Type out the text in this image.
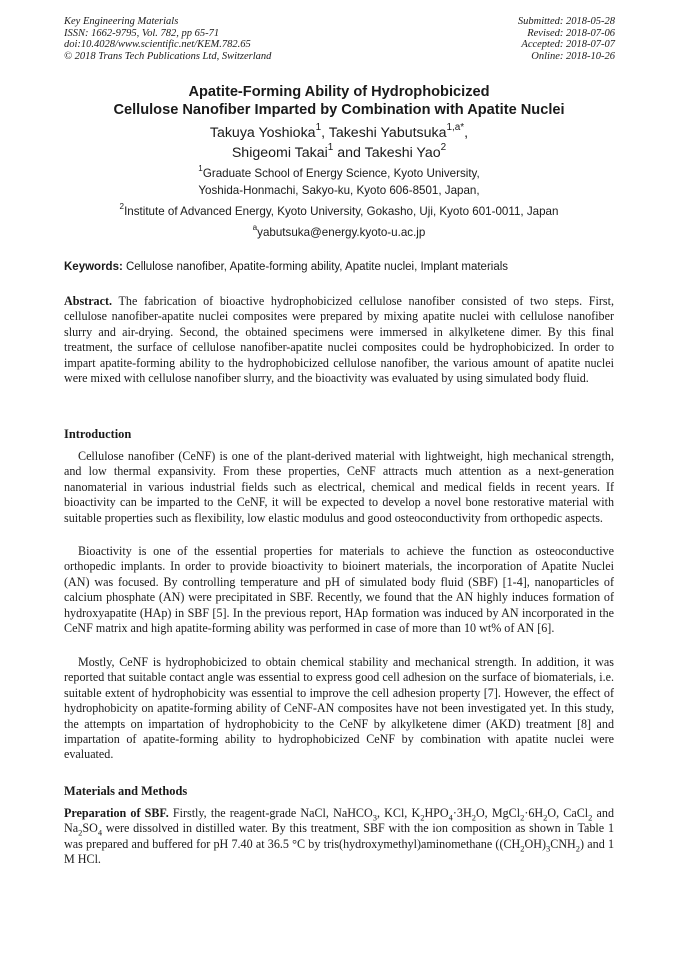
Key Engineering Materials
ISSN: 1662-9795, Vol. 782, pp 65-71
doi:10.4028/www.scientific.net/KEM.782.65
© 2018 Trans Tech Publications Ltd, Switzerland
Submitted: 2018-05-28
Revised: 2018-07-06
Accepted: 2018-07-07
Online: 2018-10-26
Apatite-Forming Ability of Hydrophobicized
Cellulose Nanofiber Imparted by Combination with Apatite Nuclei
Takuya Yoshioka$^1$, Takeshi Yabutsuka$^{1,a*}$,
Shigeomi Takai$^1$ and Takeshi Yao$^2$
$^1$Graduate School of Energy Science, Kyoto University,
Yoshida-Honmachi, Sakyo-ku, Kyoto 606-8501, Japan,
$^2$Institute of Advanced Energy, Kyoto University, Gokasho, Uji, Kyoto 601-0011, Japan
$^a$yabutsuka@energy.kyoto-u.ac.jp
Keywords: Cellulose nanofiber, Apatite-forming ability, Apatite nuclei, Implant materials
Abstract. The fabrication of bioactive hydrophobicized cellulose nanofiber consisted of two steps. First, cellulose nanofiber-apatite nuclei composites were prepared by mixing apatite nuclei with cellulose nanofiber slurry and air-drying. Second, the obtained specimens were immersed in alkylketene dimer. By this final treatment, the surface of cellulose nanofiber-apatite nuclei composites could be hydrophobicized. In order to impart apatite-forming ability to the hydrophobicized cellulose nanofiber, the various amount of apatite nuclei were mixed with cellulose nanofiber slurry, and the bioactivity was evaluated by using simulated body fluid.
Introduction
Cellulose nanofiber (CeNF) is one of the plant-derived material with lightweight, high mechanical strength, and low thermal expansivity. From these properties, CeNF attracts much attention as a next-generation nanomaterial in various industrial fields such as electrical, chemical and medical fields in recent years. If bioactivity can be imparted to the CeNF, it will be expected to develop a novel bone restorative material with suitable properties such as flexibility, low elastic modulus and good osteoconductivity from orthopedic aspects.
Bioactivity is one of the essential properties for materials to achieve the function as osteoconductive orthopedic implants. In order to provide bioactivity to bioinert materials, the incorporation of Apatite Nuclei (AN) was focused. By controlling temperature and pH of simulated body fluid (SBF) [1-4], nanoparticles of calcium phosphate (AN) were precipitated in SBF. Recently, we found that the AN highly induces formation of hydroxyapatite (HAp) in SBF [5]. In the previous report, HAp formation was induced by AN incorporated in the CeNF matrix and high apatite-forming ability was performed in case of more than 10 wt% of AN [6].
Mostly, CeNF is hydrophobicized to obtain chemical stability and mechanical strength. In addition, it was reported that suitable contact angle was essential to express good cell adhesion on the surface of biomaterials, i.e. suitable extent of hydrophobicity was essential to improve the cell adhesion property [7]. However, the effect of hydrophobicity on apatite-forming ability of CeNF-AN composites have not been investigated yet. In this study, the attempts on impartation of hydrophobicity to the CeNF by alkylketene dimer (AKD) treatment [8] and impartation of apatite-forming ability to hydrophobicized CeNF by combination with apatite nuclei were evaluated.
Materials and Methods
Preparation of SBF. Firstly, the reagent-grade NaCl, NaHCO$_3$, KCl, $K_2HPO_4\cdot 3H_2O$, $MgCl_2\cdot 6H_2O$, CaCl$_2$ and $Na_2SO_4$ were dissolved in distilled water. By this treatment, SBF with the ion composition as shown in Table 1 was prepared and buffered for pH 7.40 at 36.5 °C by tris(hydroxymethyl)aminomethane $((CH_2OH)_3CNH_2)$ and 1 M HCl.
